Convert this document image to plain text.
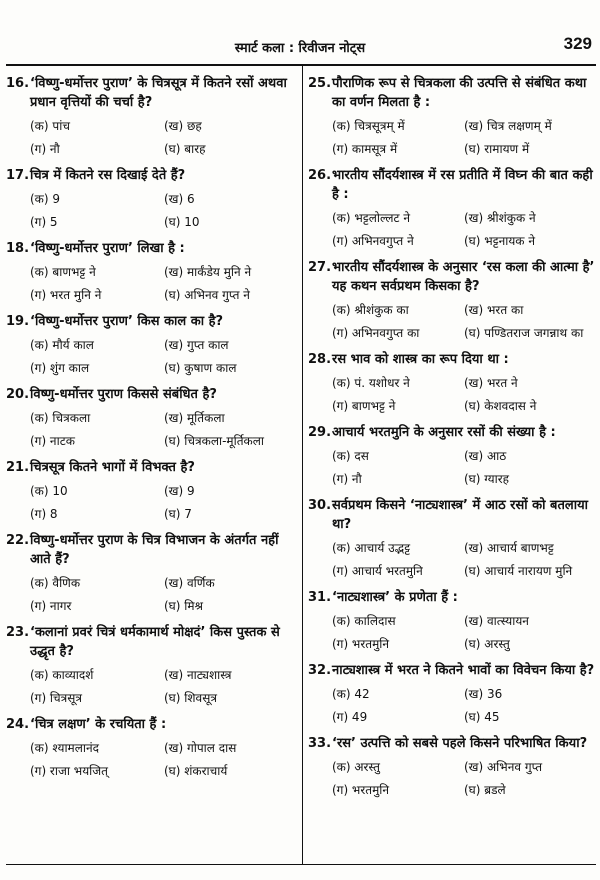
स्मार्ट कला : रिवीजन नोट्स	329
16. ‘विष्णु-धर्मोत्तर पुराण’ के चित्रसूत्र में कितने रसों अथवा प्रधान वृत्तियों की चर्चा है?
(क) पांच	(ख) छह
(ग) नौ	(घ) बारह
17. चित्र में कितने रस दिखाई देते हैं?
(क) 9	(ख) 6
(ग) 5	(घ) 10
18. ‘विष्णु-धर्मोत्तर पुराण’ लिखा है :
(क) बाणभट्ट ने	(ख) मार्कंडेय मुनि ने
(ग) भरत मुनि ने	(घ) अभिनव गुप्त ने
19. ‘विष्णु-धर्मोत्तर पुराण’ किस काल का है?
(क) मौर्य काल	(ख) गुप्त काल
(ग) शुंग काल	(घ) कुषाण काल
20. विष्णु-धर्मोत्तर पुराण किससे संबंधित है?
(क) चित्रकला	(ख) मूर्तिकला
(ग) नाटक	(घ) चित्रकला-मूर्तिकला
21. चित्रसूत्र कितने भागों में विभक्त है?
(क) 10	(ख) 9
(ग) 8	(घ) 7
22. विष्णु-धर्मोत्तर पुराण के चित्र विभाजन के अंतर्गत नहीं आते हैं?
(क) वैणिक	(ख) वर्णिक
(ग) नागर	(घ) मिश्र
23. ‘कलानां प्रवरं चित्रं धर्मकामार्थ मोक्षदं’ किस पुस्तक से उद्धृत है?
(क) काव्यादर्श	(ख) नाट्यशास्त्र
(ग) चित्रसूत्र	(घ) शिवसूत्र
24. ‘चित्र लक्षण’ के रचयिता हैं :
(क) श्यामलानंद	(ख) गोपाल दास
(ग) राजा भयजित्	(घ) शंकराचार्य
25. पौराणिक रूप से चित्रकला की उत्पत्ति से संबंधित कथा का वर्णन मिलता है :
(क) चित्रसूत्रम् में	(ख) चित्र लक्षणम् में
(ग) कामसूत्र में	(घ) रामायण में
26. भारतीय सौंदर्यशास्त्र में रस प्रतीति में विघ्न की बात कही है :
(क) भट्टलोल्लट ने	(ख) श्रीशंकुक ने
(ग) अभिनवगुप्त ने	(घ) भट्टनायक ने
27. भारतीय सौंदर्यशास्त्र के अनुसार ‘रस कला की आत्मा है’ यह कथन सर्वप्रथम किसका है?
(क) श्रीशंकुक का	(ख) भरत का
(ग) अभिनवगुप्त का	(घ) पण्डितराज जगन्नाथ का
28. रस भाव को शास्त्र का रूप दिया था :
(क) पं. यशोधर ने	(ख) भरत ने
(ग) बाणभट्ट ने	(घ) केशवदास ने
29. आचार्य भरतमुनि के अनुसार रसों की संख्या है :
(क) दस	(ख) आठ
(ग) नौ	(घ) ग्यारह
30. सर्वप्रथम किसने ‘नाट्यशास्त्र’ में आठ रसों को बतलाया था?
(क) आचार्य उद्भट्ट	(ख) आचार्य बाणभट्ट
(ग) आचार्य भरतमुनि	(घ) आचार्य नारायण मुनि
31. ‘नाट्यशास्त्र’ के प्रणेता हैं :
(क) कालिदास	(ख) वात्स्यायन
(ग) भरतमुनि	(घ) अरस्तु
32. नाट्यशास्त्र में भरत ने कितने भावों का विवेचन किया है?
(क) 42	(ख) 36
(ग) 49	(घ) 45
33. ‘रस’ उत्पत्ति को सबसे पहले किसने परिभाषित किया?
(क) अरस्तु	(ख) अभिनव गुप्त
(ग) भरतमुनि	(घ) ब्रडले
